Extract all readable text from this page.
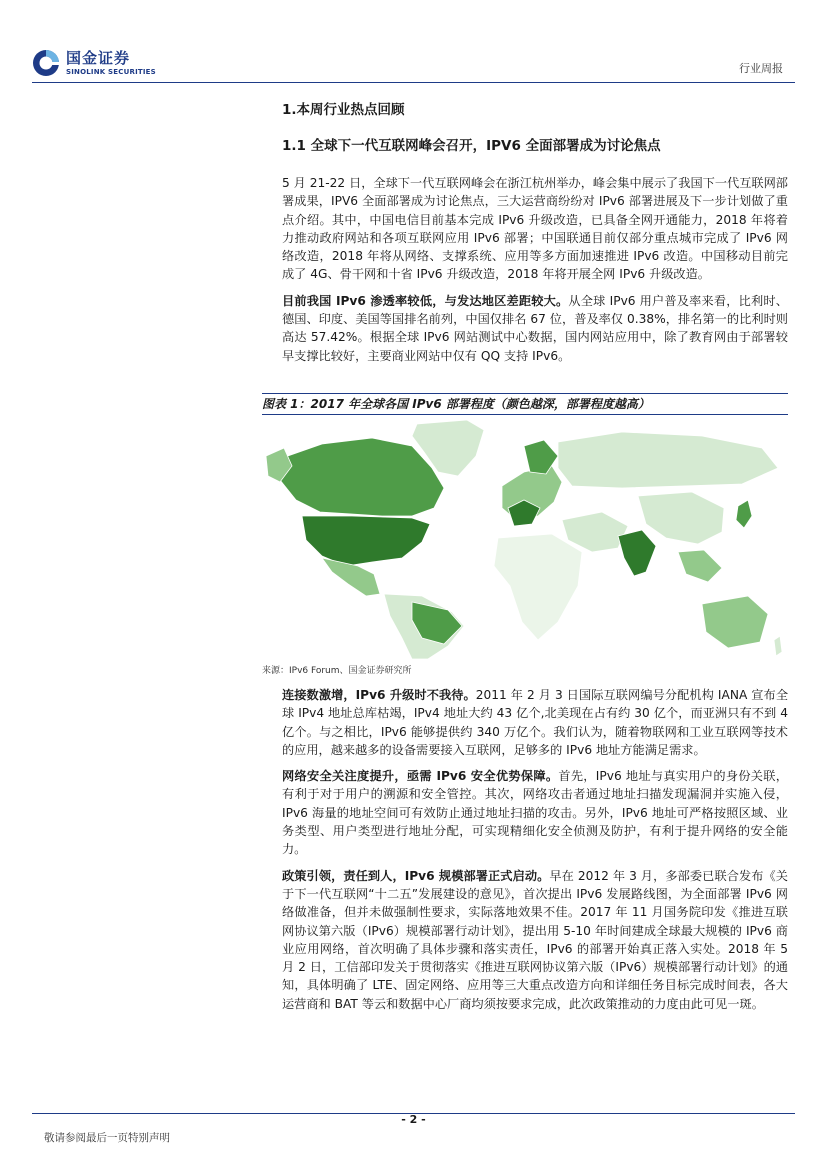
国金证券
SINOLINK SECURITIES	行业周报
1.本周行业热点回顾
1.1 全球下一代互联网峰会召开，IPV6 全面部署成为讨论焦点

5 月 21-22 日，全球下一代互联网峰会在浙江杭州举办，峰会集中展示了我国下一代互联网部署成果，IPV6 全面部署成为讨论焦点，三大运营商纷纷对 IPv6 部署进展及下一步计划做了重点介绍。其中，中国电信目前基本完成 IPv6 升级改造，已具备全网开通能力，2018 年将着力推动政府网站和各项互联网应用 IPv6 部署；中国联通目前仅部分重点城市完成了 IPv6 网络改造，2018 年将从网络、支撑系统、应用等多方面加速推进 IPv6 改造。中国移动目前完成了 4G、骨干网和十省 IPv6 升级改造，2018 年将开展全网 IPv6 升级改造。

目前我国 IPv6 渗透率较低，与发达地区差距较大。从全球 IPv6 用户普及率来看，比利时、德国、印度、美国等国排名前列，中国仅排名 67 位，普及率仅 0.38%，排名第一的比利时则高达 57.42%。根据全球 IPv6 网站测试中心数据，国内网站应用中，除了教育网由于部署较早支撑比较好，主要商业网站中仅有 QQ 支持 IPv6。

图表 1：2017 年全球各国 IPv6 部署程度（颜色越深，部署程度越高）
来源：IPv6 Forum、国金证券研究所

连接数激增，IPv6 升级时不我待。2011 年 2 月 3 日国际互联网编号分配机构 IANA 宣布全球 IPv4 地址总库枯竭，IPv4 地址大约 43 亿个,北美现在占有约 30 亿个，而亚洲只有不到 4 亿个。与之相比，IPv6 能够提供约 340 万亿个。我们认为，随着物联网和工业互联网等技术的应用，越来越多的设备需要接入互联网，足够多的 IPv6 地址方能满足需求。

网络安全关注度提升，亟需 IPv6 安全优势保障。首先，IPv6 地址与真实用户的身份关联，有利于对于用户的溯源和安全管控。其次，网络攻击者通过地址扫描发现漏洞并实施入侵，IPv6 海量的地址空间可有效防止通过地址扫描的攻击。另外，IPv6 地址可严格按照区域、业务类型、用户类型进行地址分配，可实现精细化安全侦测及防护，有利于提升网络的安全能力。

政策引领，责任到人，IPv6 规模部署正式启动。早在 2012 年 3 月，多部委已联合发布《关于下一代互联网“十二五”发展建设的意见》，首次提出 IPv6 发展路线图，为全面部署 IPv6 网络做准备，但并未做强制性要求，实际落地效果不佳。2017 年 11 月国务院印发《推进互联网协议第六版（IPv6）规模部署行动计划》，提出用 5-10 年时间建成全球最大规模的 IPv6 商业应用网络，首次明确了具体步骤和落实责任，IPv6 的部署开始真正落入实处。2018 年 5 月 2 日，工信部印发关于贯彻落实《推进互联网协议第六版（IPv6）规模部署行动计划》的通知，具体明确了 LTE、固定网络、应用等三大重点改造方向和详细任务目标完成时间表，各大运营商和 BAT 等云和数据中心厂商均须按要求完成，此次政策推动的力度由此可见一斑。

- 2 -
敬请参阅最后一页特别声明
